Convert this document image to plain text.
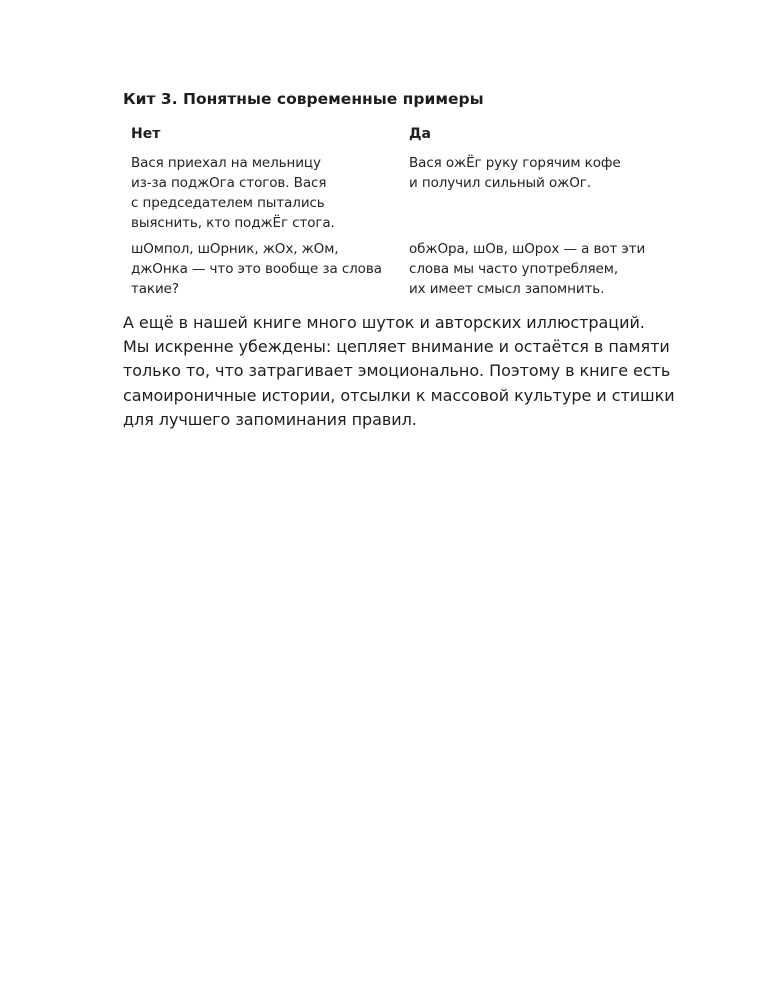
Кит 3. Понятные современные примеры
Нет	Да
Вася приехал на мельницу
из-за поджОга стогов. Вася
с председателем пытались
выяснить, кто поджЁг стога.
Вася ожЁг руку горячим кофе
и получил сильный ожОг.
шОмпол, шОрник, жОх, жОм,
джОнка — что это вообще за слова
такие?
обжОра, шОв, шОрох — а вот эти
слова мы часто употребляем,
их имеет смысл запомнить.
А ещё в нашей книге много шуток и авторских иллюстраций.
Мы искренне убеждены: цепляет внимание и остаётся в памяти
только то, что затрагивает эмоционально. Поэтому в книге есть
самоироничные истории, отсылки к массовой культуре и стишки
для лучшего запоминания правил.
